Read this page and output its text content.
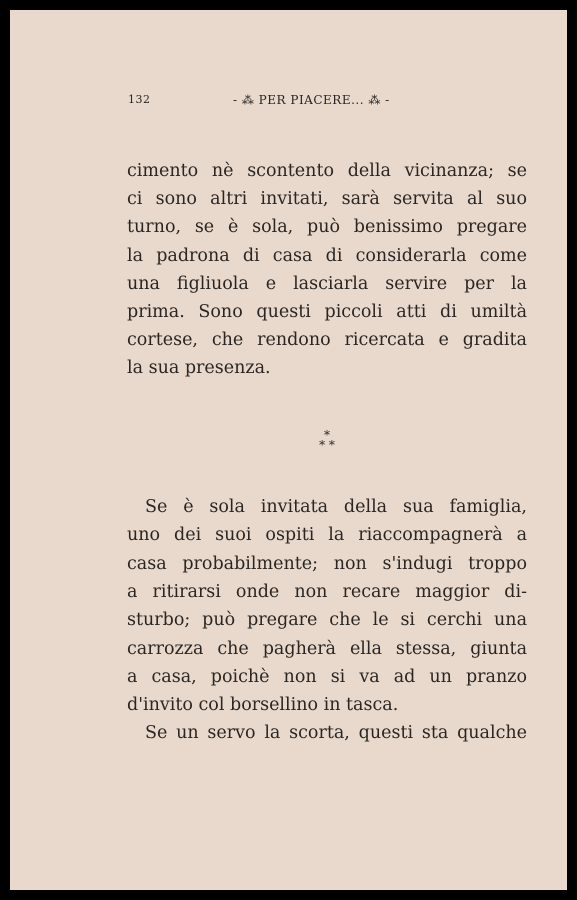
132	- ⁂ PER PIACERE... ⁂ -
cimento nè scontento della vicinanza; se
ci sono altri invitati, sarà servita al suo
turno, se è sola, può benissimo pregare
la padrona di casa di considerarla come
una figliuola e lasciarla servire per la
prima. Sono questi piccoli atti di umiltà
cortese, che rendono ricercata e gradita
la sua presenza.
*
* *
Se è sola invitata della sua famiglia,
uno dei suoi ospiti la riaccompagnerà a
casa probabilmente; non s'indugi troppo
a ritirarsi onde non recare maggior di-
sturbo; può pregare che le si cerchi una
carrozza che pagherà ella stessa, giunta
a casa, poichè non si va ad un pranzo
d'invito col borsellino in tasca.
Se un servo la scorta, questi sta qualche
